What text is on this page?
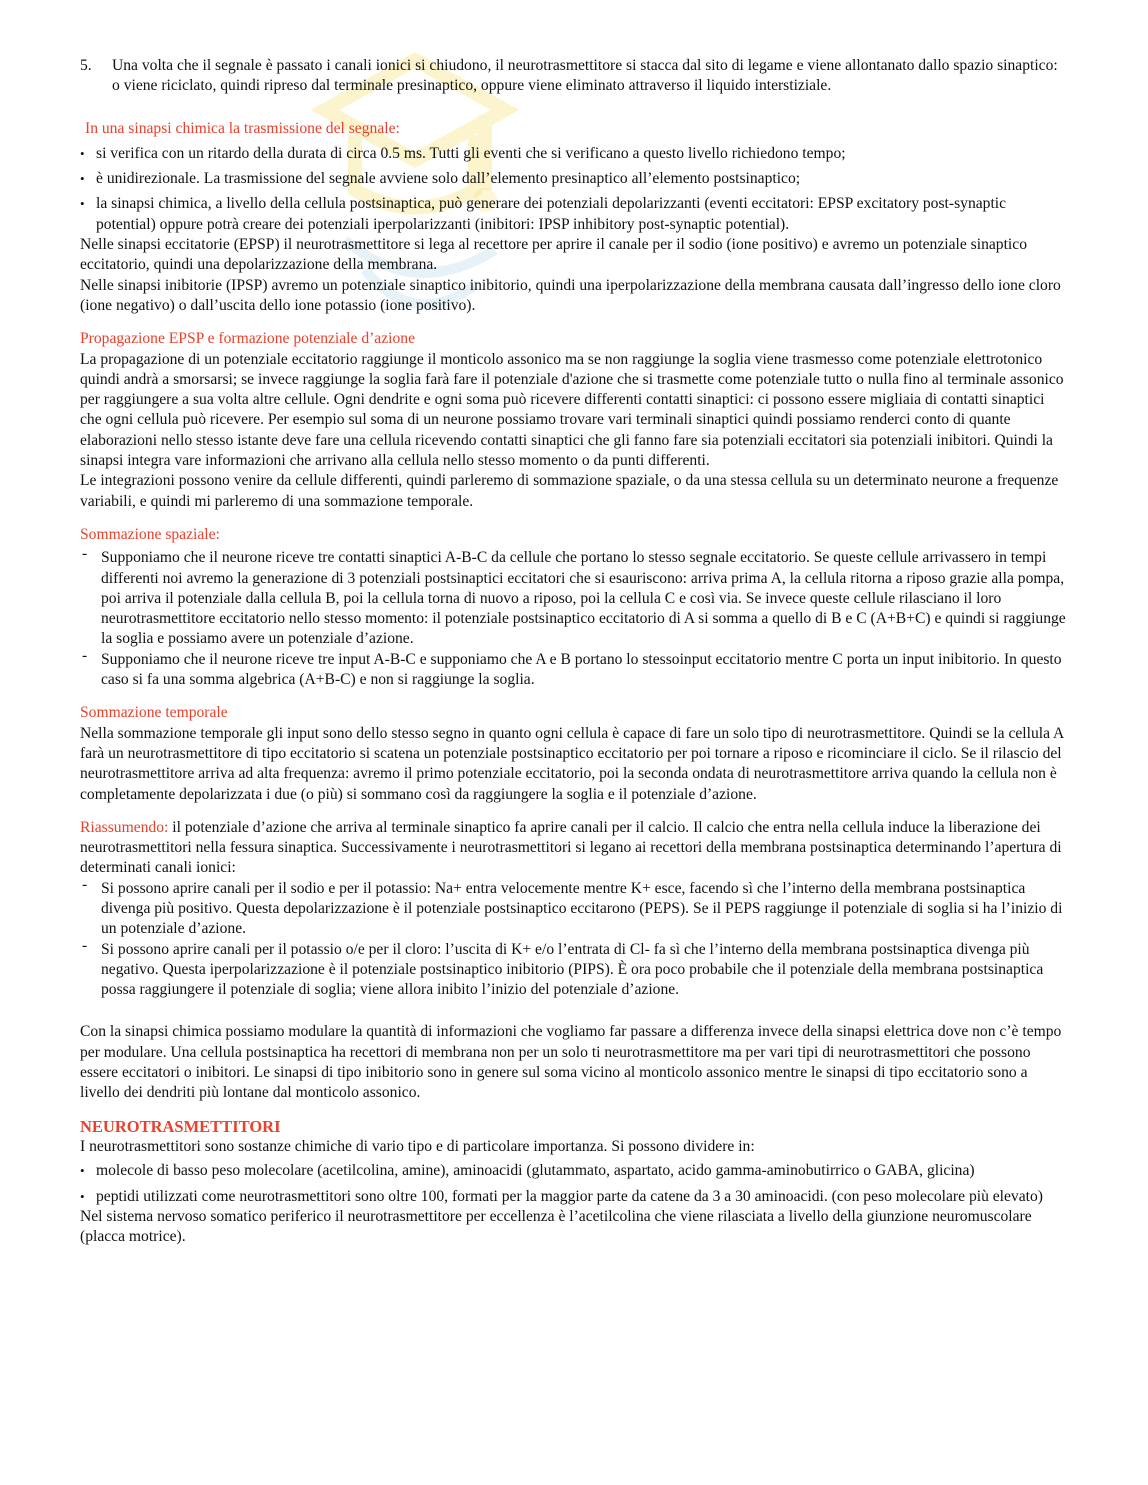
5.	Una volta che il segnale è passato i canali ionici si chiudono, il neurotrasmettitore si stacca dal sito di legame e viene allontanato dallo spazio sinaptico: o viene riciclato, quindi ripreso dal terminale presinaptico, oppure viene eliminato attraverso il liquido interstiziale.

In una sinapsi chimica la trasmissione del segnale:

• si verifica con un ritardo della durata di circa 0.5 ms. Tutti gli eventi che si verificano a questo livello richiedono tempo;
• è unidirezionale. La trasmissione del segnale avviene solo dall’elemento presinaptico all’elemento postsinaptico;
• la sinapsi chimica, a livello della cellula postsinaptica, può generare dei potenziali depolarizzanti (eventi eccitatori: EPSP excitatory post-synaptic potential) oppure potrà creare dei potenziali iperpolarizzanti (inibitori: IPSP inhibitory post-synaptic potential).

Nelle sinapsi eccitatorie (EPSP) il neurotrasmettitore si lega al recettore per aprire il canale per il sodio (ione positivo) e avremo un potenziale sinaptico eccitatorio, quindi una depolarizzazione della membrana.

Nelle sinapsi inibitorie (IPSP) avremo un potenziale sinaptico inibitorio, quindi una iperpolarizzazione della membrana causata dall’ingresso dello ione cloro (ione negativo) o dall’uscita dello ione potassio (ione positivo).

Propagazione EPSP e formazione potenziale d’azione

La propagazione di un potenziale eccitatorio raggiunge il monticolo assonico ma se non raggiunge la soglia viene trasmesso come potenziale elettrotonico quindi andrà a smorsarsi; se invece raggiunge la soglia farà fare il potenziale d'azione che si trasmette come potenziale tutto o nulla fino al terminale assonico per raggiungere a sua volta altre cellule. Ogni dendrite e ogni soma può ricevere differenti contatti sinaptici: ci possono essere migliaia di contatti sinaptici che ogni cellula può ricevere. Per esempio sul soma di un neurone possiamo trovare vari terminali sinaptici quindi possiamo renderci conto di quante elaborazioni nello stesso istante deve fare una cellula ricevendo contatti sinaptici che gli fanno fare sia potenziali eccitatori sia potenziali inibitori. Quindi la sinapsi integra vare informazioni che arrivano alla cellula nello stesso momento o da punti differenti.

Le integrazioni possono venire da cellule differenti, quindi parleremo di sommazione spaziale, o da una stessa cellula su un determinato neurone a frequenze variabili, e quindi mi parleremo di una sommazione temporale.

Sommazione spaziale:

- Supponiamo che il neurone riceve tre contatti sinaptici A-B-C da cellule che portano lo stesso segnale eccitatorio. Se queste cellule arrivassero in tempi differenti noi avremo la generazione di 3 potenziali postsinaptici eccitatori che si esauriscono: arriva prima A, la cellula ritorna a riposo grazie alla pompa, poi arriva il potenziale dalla cellula B, poi la cellula torna di nuovo a riposo, poi la cellula C e così via. Se invece queste cellule rilasciano il loro neurotrasmettitore eccitatorio nello stesso momento: il potenziale postsinaptico eccitatorio di A si somma a quello di B e C (A+B+C) e quindi si raggiunge la soglia e possiamo avere un potenziale d’azione.
- Supponiamo che il neurone riceve tre input A-B-C e supponiamo che A e B portano lo stessoinput eccitatorio mentre C porta un input inibitorio. In questo caso si fa una somma algebrica (A+B-C) e non si raggiunge la soglia.

Sommazione temporale

Nella sommazione temporale gli input sono dello stesso segno in quanto ogni cellula è capace di fare un solo tipo di neurotrasmettitore. Quindi se la cellula A farà un neurotrasmettitore di tipo eccitatorio si scatena un potenziale postsinaptico eccitatorio per poi tornare a riposo e ricominciare il ciclo. Se il rilascio del neurotrasmettitore arriva ad alta frequenza: avremo il primo potenziale eccitatorio, poi la seconda ondata di neurotrasmettitore arriva quando la cellula non è completamente depolarizzata i due (o più) si sommano così da raggiungere la soglia e il potenziale d’azione.

Riassumendo: il potenziale d’azione che arriva al terminale sinaptico fa aprire canali per il calcio. Il calcio che entra nella cellula induce la liberazione dei neurotrasmettitori nella fessura sinaptica. Successivamente i neurotrasmettitori si legano ai recettori della membrana postsinaptica determinando l’apertura di determinati canali ionici:

- Si possono aprire canali per il sodio e per il potassio: Na+ entra velocemente mentre K+ esce, facendo sì che l’interno della membrana postsinaptica divenga più positivo. Questa depolarizzazione è il potenziale postsinaptico eccitarono (PEPS). Se il PEPS raggiunge il potenziale di soglia si ha l’inizio di un potenziale d’azione.
- Si possono aprire canali per il potassio o/e per il cloro: l’uscita di K+ e/o l’entrata di Cl- fa sì che l’interno della membrana postsinaptica divenga più negativo. Questa iperpolarizzazione è il potenziale postsinaptico inibitorio (PIPS). È ora poco probabile che il potenziale della membrana postsinaptica possa raggiungere il potenziale di soglia; viene allora inibito l’inizio del potenziale d’azione.

Con la sinapsi chimica possiamo modulare la quantità di informazioni che vogliamo far passare a differenza invece della sinapsi elettrica dove non c’è tempo per modulare. Una cellula postsinaptica ha recettori di membrana non per un solo ti neurotrasmettitore ma per vari tipi di neurotrasmettitori che possono essere eccitatori o inibitori. Le sinapsi di tipo inibitorio sono in genere sul soma vicino al monticolo assonico mentre le sinapsi di tipo eccitatorio sono a livello dei dendriti più lontane dal monticolo assonico.

NEUROTRASMETTITORI

I neurotrasmettitori sono sostanze chimiche di vario tipo e di particolare importanza. Si possono dividere in:

• molecole di basso peso molecolare (acetilcolina, amine), aminoacidi (glutammato, aspartato, acido gamma-aminobutirrico o GABA, glicina)
• peptidi utilizzati come neurotrasmettitori sono oltre 100, formati per la maggior parte da catene da 3 a 30 aminoacidi. (con peso molecolare più elevato)

Nel sistema nervoso somatico periferico il neurotrasmettitore per eccellenza è l’acetilcolina che viene rilasciata a livello della giunzione neuromuscolare (placca motrice).
